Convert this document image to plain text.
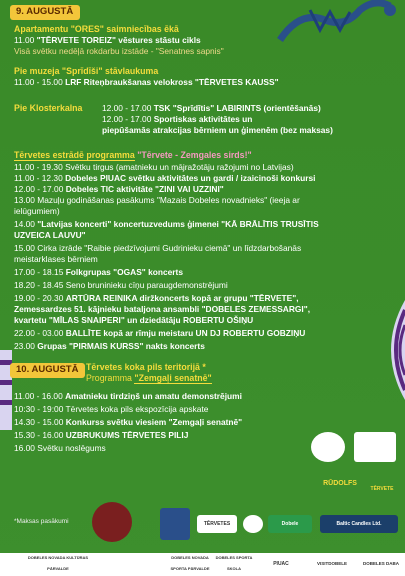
9. AUGUSTĀ
Apartamentu "ORES" saimniecības ēkā
11.00 "TĒRVETE TOREIZ" vēstures stāstu cikls
Visā svētku nedēļā rokdarbu izstāde - "Senatnes sapnis"
Pie muzeja "Sprīdīši" stāvlaukuma
11.00 - 15.00 LRF Riteņbraukšanas velokross "TĒRVETES KAUSS"
Pie Klosterkalna 12.00 - 17.00 TSK "Sprīdītis" LABIRINTS (orientēšanās)
12.00 - 17.00 Sportiskas aktivitātes un
piepūšamās atrakcijas bērniem un ģimenēm (bez maksas)
Tērvetes estrādē programma "Tērvete - Zemgales sirds!"
11.00 - 19.30 Svētku tirgus (amatnieku un mājražotāju ražojumi no Latvijas)
11.00 - 12.30 Dobeles PIUAC svētku aktivitātes un gardi / izaicinoši konkursi
12.00 - 17.00 Dobeles TIC aktivitāte "ZINI VAI UZZINI"
13.00 Mazuļu godināšanas pasākums "Mazais Dobeles novadnieks" (ieeja ar
ielūgumiem)
14.00 "Latvijas koncerti" koncertuzvedums ģimenei "KĀ BRĀLĪTIS TRUSĪTIS
UZVEICA LAUVU"
15.00 Cirka izrāde "Raibie piedzīvojumi Gudrinieku ciemā" un līdzdarbošanās
meistarklases bērniem
17.00 - 18.15 Folkgrupas "OGAS" koncerts
18.20 - 18.45 Seno bruninieku cīņu paraugdemonstrējumi
19.00 - 20.30 ARTŪRA REINIKA diržkoncerts kopā ar grupu "TĒRVETE",
Zemessardzes 51. kājnieku bataljona ansambli "DOBELES ZEMESSARGI",
kvartetu "MĪLAS SNAIPERI" un dziedātāju ROBERTU OŠIŅU
22.00 - 03.00 BALLĪTE kopā ar rīmju meistaru UN DJ ROBERTU GOBZIŅU
23.00 Grupas "PIRMAIS KURSS" nakts koncerts
10. AUGUSTĀ Tērvetes koka pils teritorijā *
Programma "Zemgaļi senatnē"
11.00 - 16.00 Amatnieku tirdziņš un amatu demonstrējumi
10:30 - 19:00 Tērvetes koka pils ekspozīcija apskate
14.30 - 15.00 Konkurss svētku viesiem "Zemgaļi senatnē"
15.30 - 16.00 UZBRUKUMS TĒRVETES PILIJ
16.00 Svētku noslēgums
RŪDOLFS
TĒRVETE
*Maksas pasākumi	TĒRVETES	Dobele	Baltic Candles Ltd.
DOBELES NOVADA KULTŪRAS PĀRVALDE
DOBELES NOVADA SPORTA PĀRVALDE
DOBELES SPORTA SKOLA
PIUAC	VISITDOBELE	DOBELES DABA
